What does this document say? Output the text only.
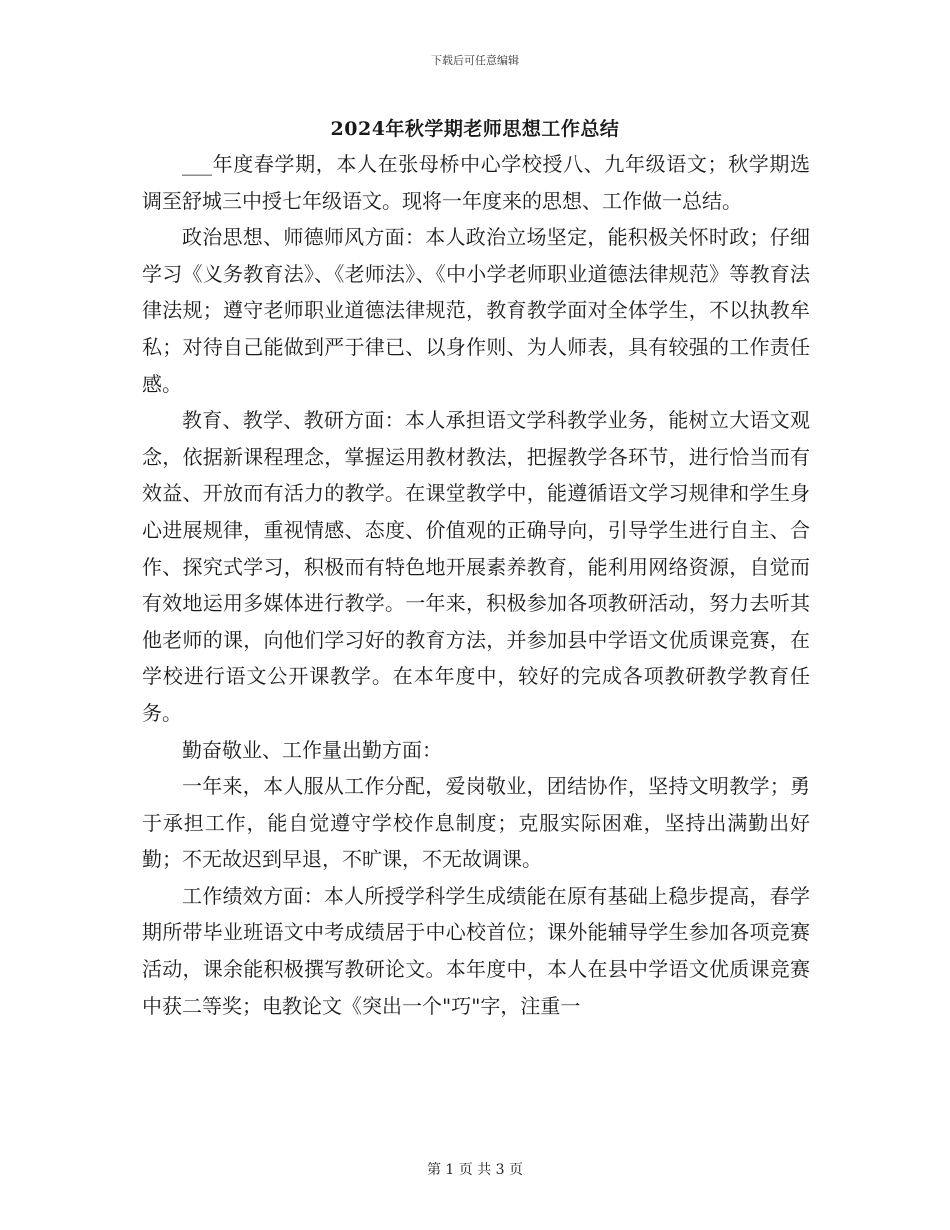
下载后可任意编辑
2024年秋学期老师思想工作总结

___年度春学期，本人在张母桥中心学校授八、九年级语文；秋学期选调至舒城三中授七年级语文。现将一年度来的思想、工作做一总结。

政治思想、师德师风方面：本人政治立场坚定，能积极关怀时政；仔细学习《义务教育法》、《老师法》、《中小学老师职业道德法律规范》等教育法律法规；遵守老师职业道德法律规范，教育教学面对全体学生，不以执教牟私；对待自己能做到严于律已、以身作则、为人师表，具有较强的工作责任感。

教育、教学、教研方面：本人承担语文学科教学业务，能树立大语文观念，依据新课程理念，掌握运用教材教法，把握教学各环节，进行恰当而有效益、开放而有活力的教学。在课堂教学中，能遵循语文学习规律和学生身心进展规律，重视情感、态度、价值观的正确导向，引导学生进行自主、合作、探究式学习，积极而有特色地开展素养教育，能利用网络资源，自觉而有效地运用多媒体进行教学。一年来，积极参加各项教研活动，努力去听其他老师的课，向他们学习好的教育方法，并参加县中学语文优质课竞赛，在学校进行语文公开课教学。在本年度中，较好的完成各项教研教学教育任务。

勤奋敬业、工作量出勤方面：

一年来，本人服从工作分配，爱岗敬业，团结协作，坚持文明教学；勇于承担工作，能自觉遵守学校作息制度；克服实际困难，坚持出满勤出好勤；不无故迟到早退，不旷课，不无故调课。

工作绩效方面：本人所授学科学生成绩能在原有基础上稳步提高，春学期所带毕业班语文中考成绩居于中心校首位；课外能辅导学生参加各项竞赛活动，课余能积极撰写教研论文。本年度中，本人在县中学语文优质课竞赛中获二等奖；电教论文《突出一个"巧"字，注重一

第 1 页 共 3 页
